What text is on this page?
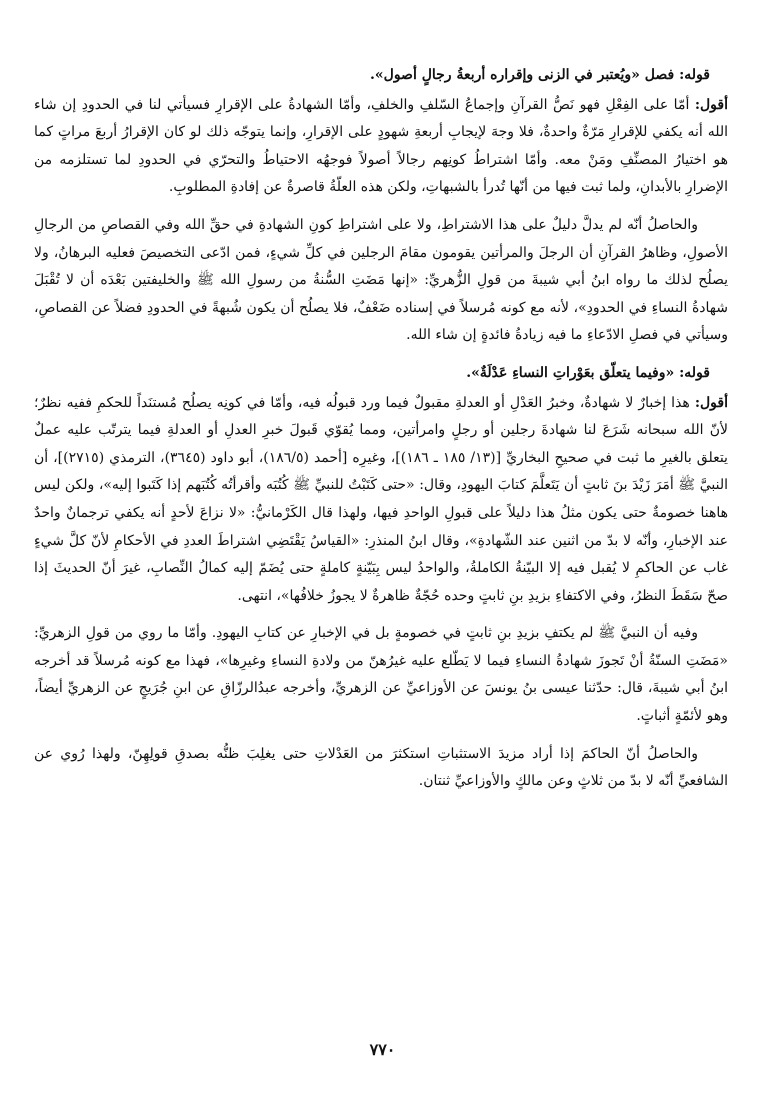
قوله: فصل «ويُعتبر في الزنى وإقراره أربعةُ رجالٍ أصول».

أقول: أمّا على الفِعْلِ فهو نَصُّ القرآنِ وإجماعُ السّلفِ والخلفِ، وأمّا الشهادةُ على الإقرارِ فسيأتي لنا في الحدودِ إن شاء الله أنه يكفي للإقرارِ مَرّةٌ واحدةٌ، فلا وجهَ لإيجابِ أربعةِ شهودٍ على الإقرارِ، وإنما يتوجّه ذلك لو كان الإقرارُ أربعَ مراتٍ كما هو اختيارُ المصنِّفِ ومَنْ معه. وأمّا اشتراطُ كونِهم رجالاً أصولاً فوجهُه الاحتياطُ والتحرّي في الحدودِ لما تستلزمه من الإضرارِ بالأبدانِ، ولما ثبت فيها من أنّها تُدرأ بالشبهاتِ، ولكن هذه العلّةُ قاصرةٌ عن إفادةِ المطلوبِ.

والحاصلُ أنّه لم يدلَّ دليلٌ على هذا الاشتراطِ، ولا على اشتراطِ كونِ الشهادةِ في حقِّ الله وفي القصاصِ من الرجالِ الأصولِ، وظاهرُ القرآنِ أن الرجلَ والمرأتين يقومون مقامَ الرجلين في كلِّ شيءٍ، فمن ادّعى التخصيصَ فعليه البرهانُ، ولا يصلُح لذلك ما رواه ابنُ أبي شيبةَ من قولِ الزُّهريِّ: «إنها مَضَتِ السُّنةُ من رسولِ الله ﷺ والخليفتين بَعْدَه أن لا تُقْبَلَ شهادةُ النساءِ في الحدودِ»، لأنه مع كونه مُرسلاً في إسناده ضَعْفٌ، فلا يصلُح أن يكون شُبهةً في الحدودِ فضلاً عن القصاصِ، وسيأتي في فصلِ الادّعاءِ ما فيه زيادةُ فائدةٍ إن شاء الله.

قوله: «وفيما يتعلّق بعَوْراتِ النساءِ عَدْلَةٌ».

أقول: هذا إخبارٌ لا شهادةٌ، وخبرُ العَدْلِ أو العدلةِ مقبولٌ فيما ورد قبولُه فيه، وأمّا في كونِه يصلُح مُستنَداً للحكمِ ففيه نظرٌ؛ لأنّ الله سبحانه شَرَعَ لنا شهادةَ رجلين أو رجلٍ وامرأتين، ومما يُقوّي قَبولَ خبرِ العدلِ أو العدلةِ فيما يترتّب عليه عملٌ يتعلق بالغيرِ ما ثبت في صحيحِ البخاريِّ [(١٣/ ١٨٥ ـ ١٨٦)]، وغيرِه [أحمد (١٨٦/٥)، أبو داود (٣٦٤٥)، الترمذي (٢٧١٥)]، أن النبيَّ ﷺ أمَرَ زَيْدَ بنَ ثابتٍ أن يَتَعلَّمَ كتابَ اليهودِ، وقال: «حتى كَتَبْتُ للنبيِّ ﷺ كُتُبَه وأقرأتُه كُتُبَهم إذا كَتَبوا إليه»، ولكن ليس هاهنا خصومةٌ حتى يكون مثلُ هذا دليلاً على قبولِ الواحدِ فيها، ولهذا قال الكَرْمانيُّ: «لا نزاعَ لأحدٍ أنه يكفي ترجمانٌ واحدٌ عند الإخبارِ، وأنّه لا بدّ من اثنين عند الشّهادةِ»، وقال ابنُ المنذرِ: «القياسُ يَقْتَضِي اشتراطَ العددِ في الأحكامِ لأنّ كلَّ شيءٍ غاب عن الحاكمِ لا يُقبل فيه إلا البيّنةُ الكاملةُ، والواحدُ ليس بِبَيّنةٍ كاملةٍ حتى يُضَمّ إليه كمالُ النِّصابِ، غيرَ أنّ الحديثَ إذا صحّ سَقَطَ النظرُ، وفي الاكتفاءِ بزيدِ بنِ ثابتٍ وحده حُجّةٌ ظاهرةٌ لا يجوزُ خلافُها»، انتهى.

وفيه أن النبيَّ ﷺ لم يكتفِ بزيدِ بنِ ثابتٍ في خصومةٍ بل في الإخبارِ عن كتابِ اليهودِ. وأمّا ما روي من قولِ الزهريِّ: «مَضَتِ السنّةُ أنْ تَجوزَ شهادةُ النساءِ فيما لا يَطّلع عليه غيرُهنّ من ولادةِ النساءِ وغيرِها»، فهذا مع كونه مُرسلاً قد أخرجه ابنُ أبي شيبةَ، قال: حدّثنا عيسى بنُ يونسَ عن الأوزاعيِّ عن الزهريِّ، وأخرجه عبدُالرزّاقِ عن ابنِ جُرَيجٍ عن الزهريِّ أيضاً، وهو لأئمّةٍ أثباتٍ.

والحاصلُ أنّ الحاكمَ إذا أراد مزيدَ الاستثباتِ استكثرَ من العَدْلاتِ حتى يغلِبَ ظنُّه بصدقِ قولِهِنّ، ولهذا رُوي عن الشافعيِّ أنّه لا بدّ من ثلاثٍ وعن مالكٍ والأوزاعيِّ ثنتان.

٧٧٠
